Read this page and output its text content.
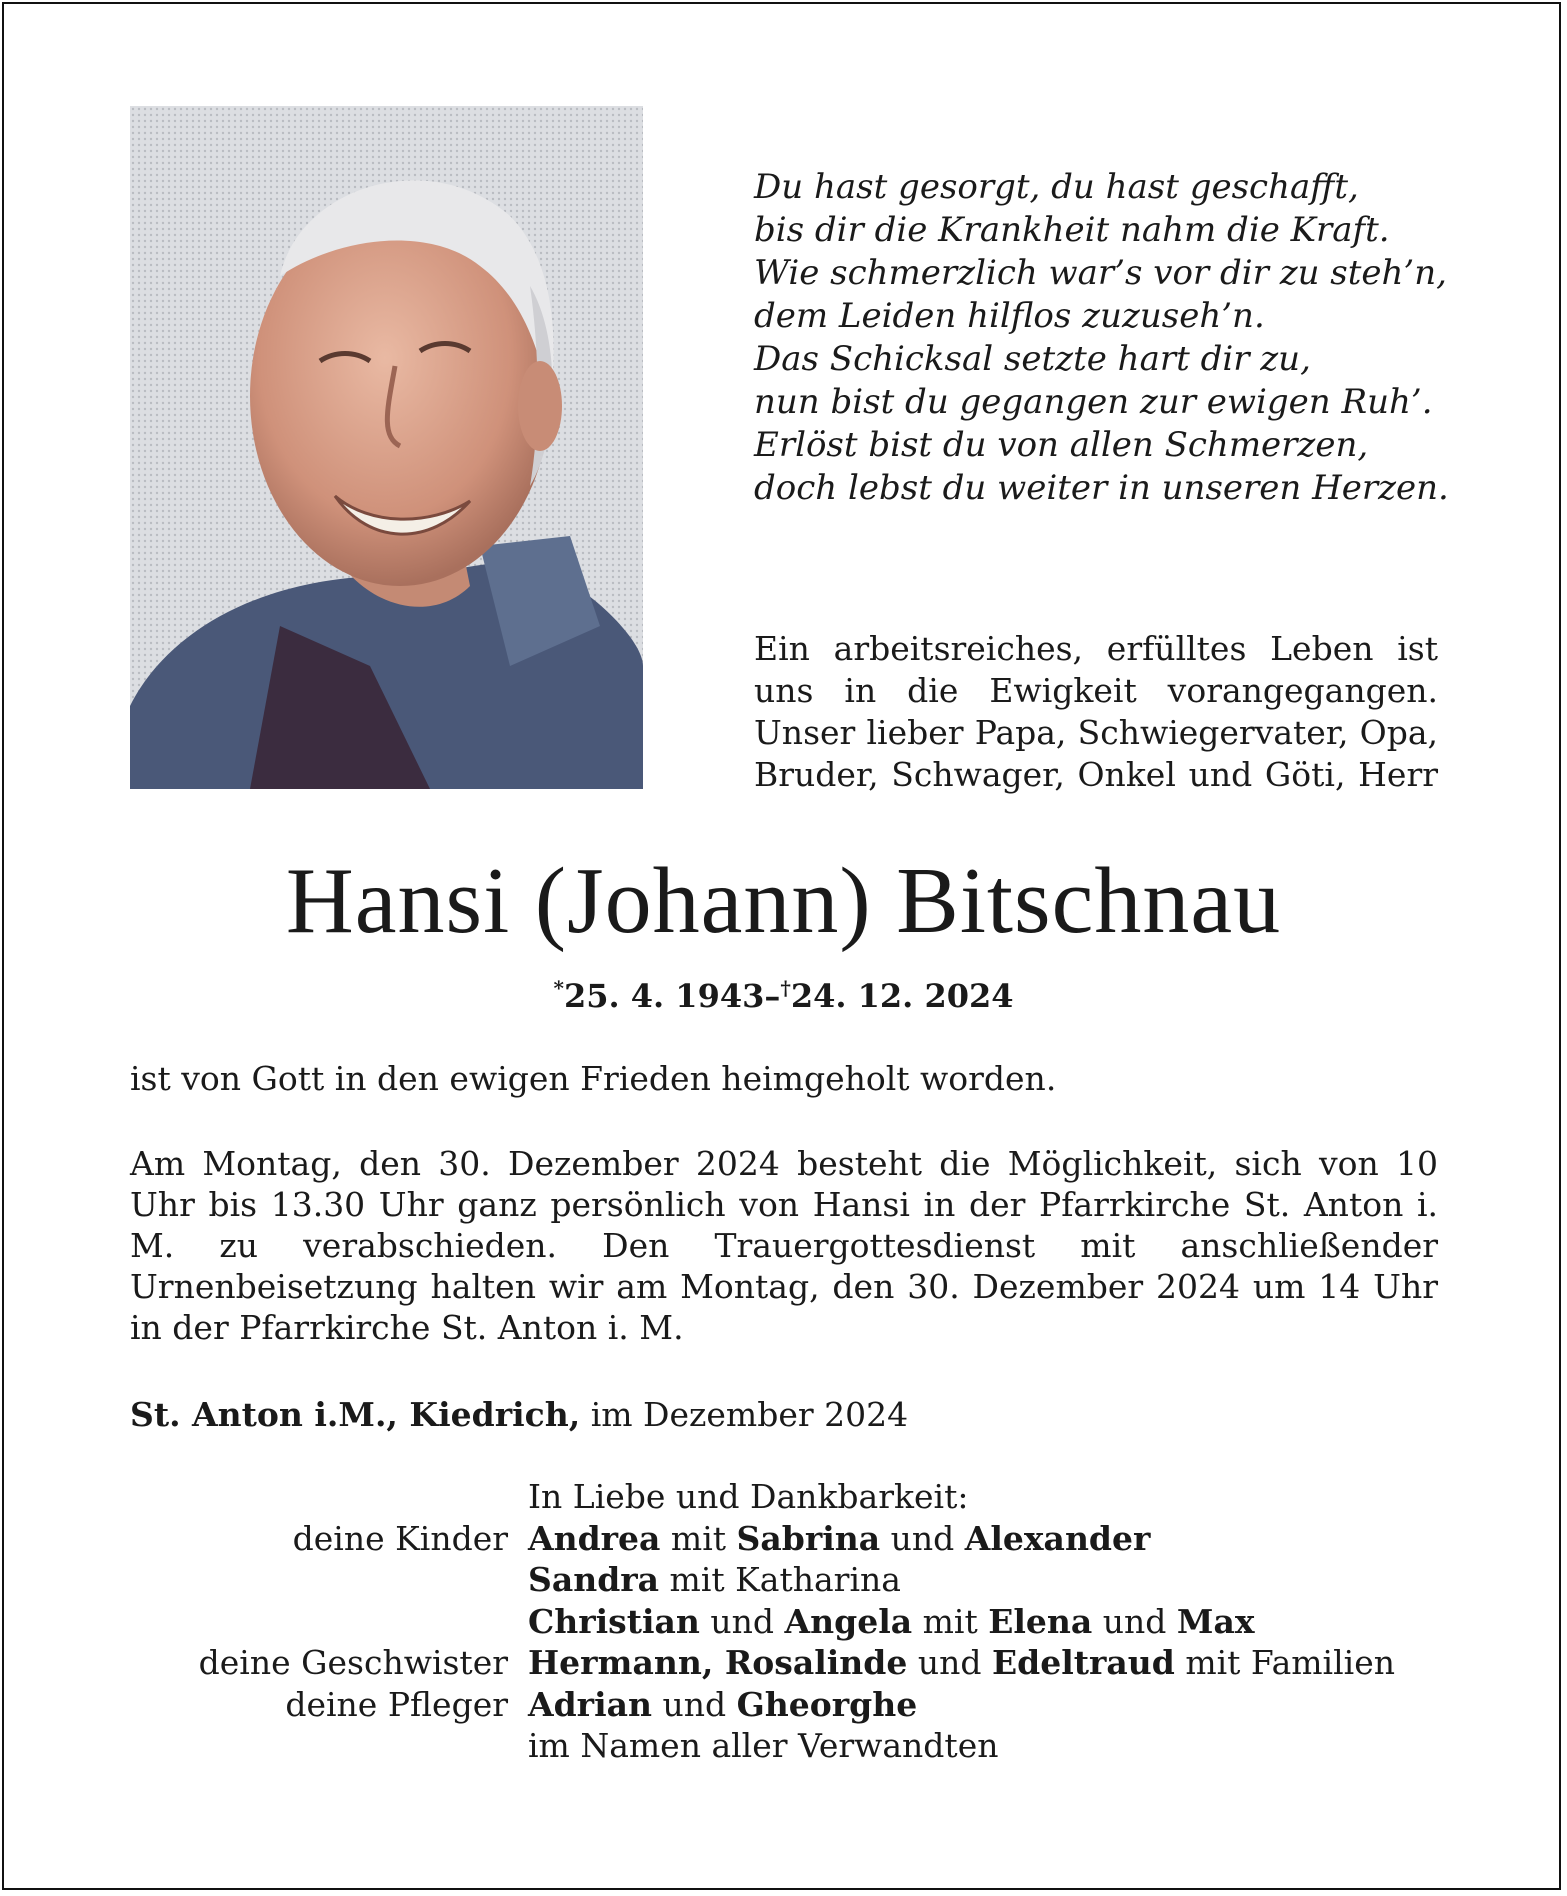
Du hast gesorgt, du hast geschafft,
bis dir die Krankheit nahm die Kraft.
Wie schmerzlich war’s vor dir zu steh’n,
dem Leiden hilflos zuzuseh’n.
Das Schicksal setzte hart dir zu,
nun bist du gegangen zur ewigen Ruh’.
Erlöst bist du von allen Schmerzen,
doch lebst du weiter in unseren Herzen.
Ein arbeitsreiches, erfülltes Leben ist
uns in die Ewigkeit vorangegangen.
Unser lieber Papa, Schwiegervater, Opa,
Bruder, Schwager, Onkel und Göti, Herr
Hansi (Johann) Bitschnau
*25. 4. 1943–†24. 12. 2024
ist von Gott in den ewigen Frieden heimgeholt worden.
Am Montag, den 30. Dezember 2024 besteht die Möglichkeit, sich von 10 Uhr bis 13.30 Uhr ganz persönlich von Hansi in der Pfarrkirche St. Anton i. M. zu verabschieden. Den Trauergottesdienst mit anschließender Urnenbeisetzung halten wir am Montag, den 30. Dezember 2024 um 14 Uhr in der Pfarrkirche St. Anton i. M.
St. Anton i.M., Kiedrich, im Dezember 2024
In Liebe und Dankbarkeit:
deine Kinder Andrea mit Sabrina und Alexander
Sandra mit Katharina
Christian und Angela mit Elena und Max
deine Geschwister Hermann, Rosalinde und Edeltraud mit Familien
deine Pfleger Adrian und Gheorghe
im Namen aller Verwandten
